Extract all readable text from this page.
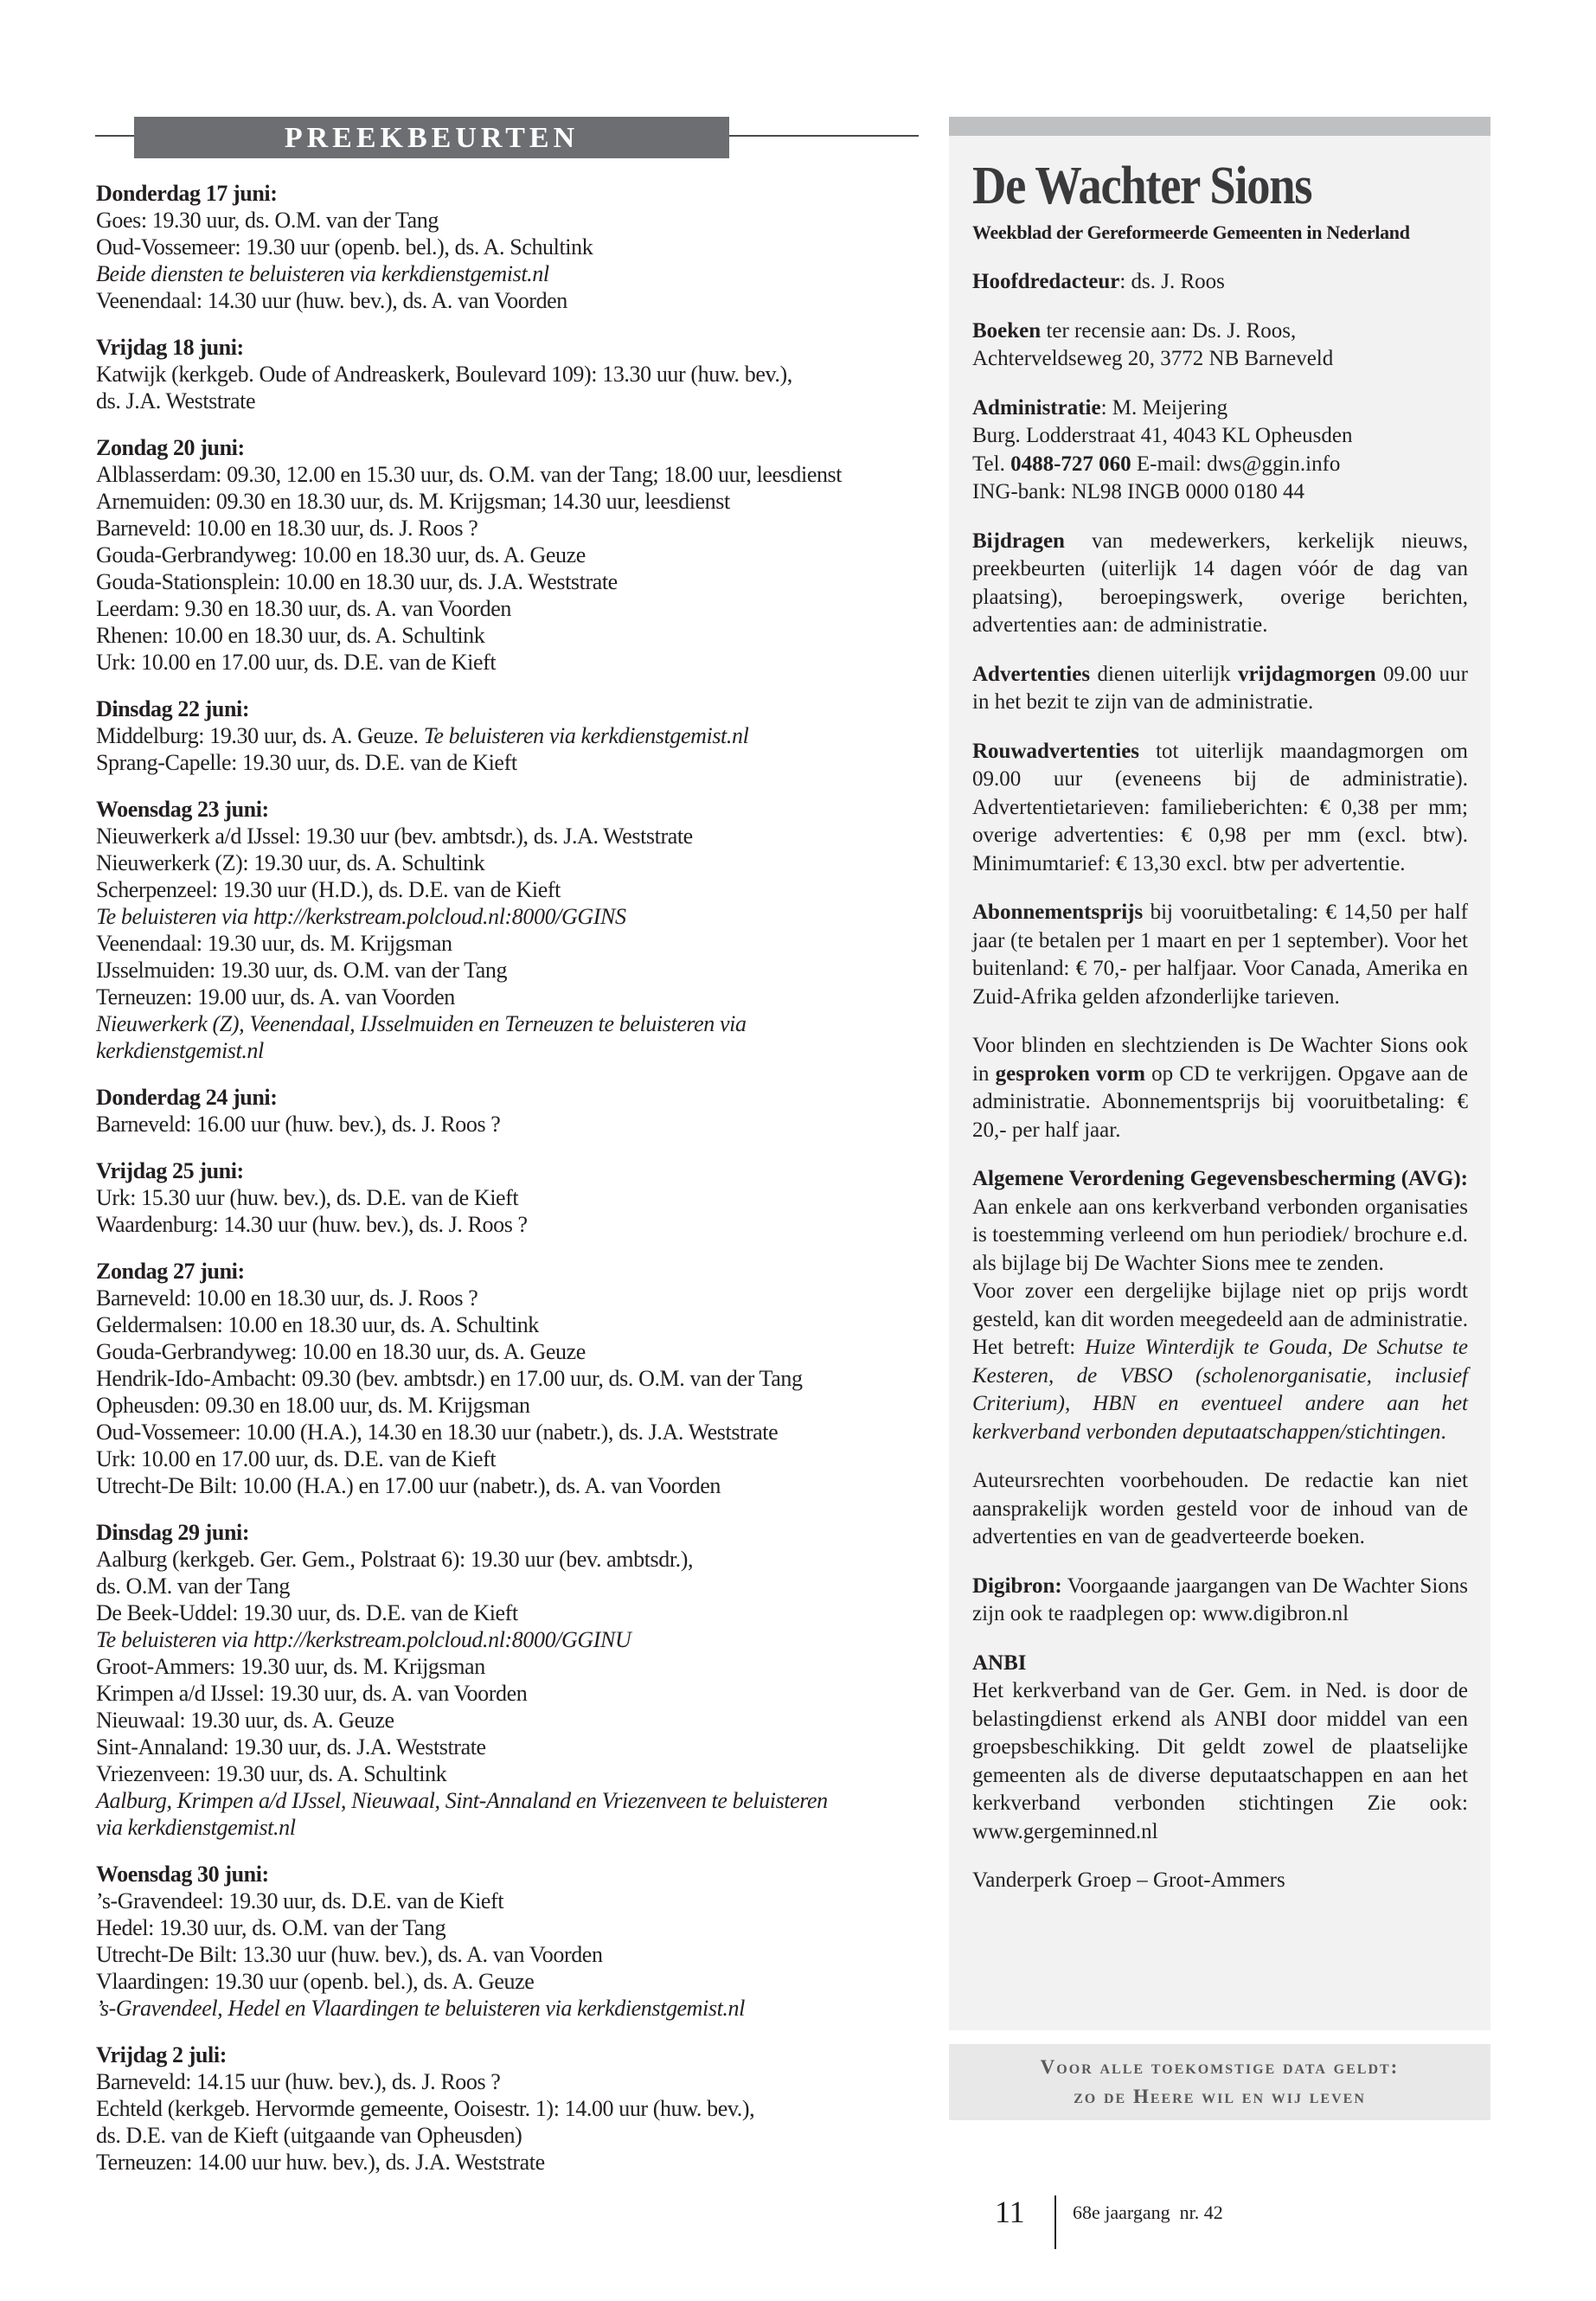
PREEKBEURTEN
Donderdag 17 juni:
Goes: 19.30 uur, ds. O.M. van der Tang
Oud-Vossemeer: 19.30 uur (openb. bel.), ds. A. Schultink
Beide diensten te beluisteren via kerkdienstgemist.nl
Veenendaal: 14.30 uur (huw. bev.), ds. A. van Voorden
Vrijdag 18 juni:
Katwijk (kerkgeb. Oude of Andreaskerk, Boulevard 109): 13.30 uur (huw. bev.),
ds. J.A. Weststrate
Zondag 20 juni:
Alblasserdam: 09.30, 12.00 en 15.30 uur, ds. O.M. van der Tang; 18.00 uur, leesdienst
Arnemuiden: 09.30 en 18.30 uur, ds. M. Krijgsman; 14.30 uur, leesdienst
Barneveld: 10.00 en 18.30 uur, ds. J. Roos ?
Gouda-Gerbrandyweg: 10.00 en 18.30 uur, ds. A. Geuze
Gouda-Stationsplein: 10.00 en 18.30 uur, ds. J.A. Weststrate
Leerdam: 9.30 en 18.30 uur, ds. A. van Voorden
Rhenen: 10.00 en 18.30 uur, ds. A. Schultink
Urk: 10.00 en 17.00 uur, ds. D.E. van de Kieft
Dinsdag 22 juni:
Middelburg: 19.30 uur, ds. A. Geuze. Te beluisteren via kerkdienstgemist.nl
Sprang-Capelle: 19.30 uur, ds. D.E. van de Kieft
Woensdag 23 juni:
Nieuwerkerk a/d IJssel: 19.30 uur (bev. ambtsdr.), ds. J.A. Weststrate
Nieuwerkerk (Z): 19.30 uur, ds. A. Schultink
Scherpenzeel: 19.30 uur (H.D.), ds. D.E. van de Kieft
Te beluisteren via http://kerkstream.polcloud.nl:8000/GGINS
Veenendaal: 19.30 uur, ds. M. Krijgsman
IJsselmuiden: 19.30 uur, ds. O.M. van der Tang
Terneuzen: 19.00 uur, ds. A. van Voorden
Nieuwerkerk (Z), Veenendaal, IJsselmuiden en Terneuzen te beluisteren via
kerkdienstgemist.nl
Donderdag 24 juni:
Barneveld: 16.00 uur (huw. bev.), ds. J. Roos ?
Vrijdag 25 juni:
Urk: 15.30 uur (huw. bev.), ds. D.E. van de Kieft
Waardenburg: 14.30 uur (huw. bev.), ds. J. Roos ?
Zondag 27 juni:
Barneveld: 10.00 en 18.30 uur, ds. J. Roos ?
Geldermalsen: 10.00 en 18.30 uur, ds. A. Schultink
Gouda-Gerbrandyweg: 10.00 en 18.30 uur, ds. A. Geuze
Hendrik-Ido-Ambacht: 09.30 (bev. ambtsdr.) en 17.00 uur, ds. O.M. van der Tang
Opheusden: 09.30 en 18.00 uur, ds. M. Krijgsman
Oud-Vossemeer: 10.00 (H.A.), 14.30 en 18.30 uur (nabetr.), ds. J.A. Weststrate
Urk: 10.00 en 17.00 uur, ds. D.E. van de Kieft
Utrecht-De Bilt: 10.00 (H.A.) en 17.00 uur (nabetr.), ds. A. van Voorden
Dinsdag 29 juni:
Aalburg (kerkgeb. Ger. Gem., Polstraat 6): 19.30 uur (bev. ambtsdr.),
ds. O.M. van der Tang
De Beek-Uddel: 19.30 uur, ds. D.E. van de Kieft
Te beluisteren via http://kerkstream.polcloud.nl:8000/GGINU
Groot-Ammers: 19.30 uur, ds. M. Krijgsman
Krimpen a/d IJssel: 19.30 uur, ds. A. van Voorden
Nieuwaal: 19.30 uur, ds. A. Geuze
Sint-Annaland: 19.30 uur, ds. J.A. Weststrate
Vriezenveen: 19.30 uur, ds. A. Schultink
Aalburg, Krimpen a/d IJssel, Nieuwaal, Sint-Annaland en Vriezenveen te beluisteren
via kerkdienstgemist.nl
Woensdag 30 juni:
’s-Gravendeel: 19.30 uur, ds. D.E. van de Kieft
Hedel: 19.30 uur, ds. O.M. van der Tang
Utrecht-De Bilt: 13.30 uur (huw. bev.), ds. A. van Voorden
Vlaardingen: 19.30 uur (openb. bel.), ds. A. Geuze
’s-Gravendeel, Hedel en Vlaardingen te beluisteren via kerkdienstgemist.nl
Vrijdag 2 juli:
Barneveld: 14.15 uur (huw. bev.), ds. J. Roos ?
Echteld (kerkgeb. Hervormde gemeente, Ooisestr. 1): 14.00 uur (huw. bev.),
ds. D.E. van de Kieft (uitgaande van Opheusden)
Terneuzen: 14.00 uur huw. bev.), ds. J.A. Weststrate
De Wachter Sions
Weekblad der Gereformeerde Gemeenten in Nederland
Hoofdredacteur: ds. J. Roos
Boeken ter recensie aan: Ds. J. Roos,
Achterveldseweg 20, 3772 NB Barneveld
Administratie: M. Meijering
Burg. Lodderstraat 41, 4043 KL Opheusden
Tel. 0488-727 060 E-mail: dws@ggin.info
ING-bank: NL98 INGB 0000 0180 44
Bijdragen van medewerkers, kerkelijk nieuws, preekbeurten (uiterlijk 14 dagen vóór de dag van plaatsing), beroepingswerk, overige berichten, advertenties aan: de administratie.
Advertenties dienen uiterlijk vrijdagmorgen 09.00 uur in het bezit te zijn van de administratie.
Rouwadvertenties tot uiterlijk maandagmorgen om 09.00 uur (eveneens bij de administratie). Advertentietarieven: familieberichten: € 0,38 per mm; overige advertenties: € 0,98 per mm (excl. btw). Minimumtarief: € 13,30 excl. btw per advertentie.
Abonnementsprijs bij vooruitbetaling: € 14,50 per half jaar (te betalen per 1 maart en per 1 september). Voor het buitenland: € 70,- per halfjaar. Voor Canada, Amerika en Zuid-Afrika gelden afzonderlijke tarieven.
Voor blinden en slechtzienden is De Wachter Sions ook in gesproken vorm op CD te verkrijgen. Opgave aan de administratie. Abonnementsprijs bij vooruitbetaling: € 20,- per half jaar.
Algemene Verordening Gegevensbescherming (AVG): Aan enkele aan ons kerkverband verbonden organisaties is toestemming verleend om hun periodiek/ brochure e.d. als bijlage bij De Wachter Sions mee te zenden.
Voor zover een dergelijke bijlage niet op prijs wordt gesteld, kan dit worden meegedeeld aan de administratie. Het betreft: Huize Winterdijk te Gouda, De Schutse te Kesteren, de VBSO (scholenorganisatie, inclusief Criterium), HBN en eventueel andere aan het kerkverband verbonden deputaatschappen/stichtingen.
Auteursrechten voorbehouden. De redactie kan niet aansprakelijk worden gesteld voor de inhoud van de advertenties en van de geadverteerde boeken.
Digibron: Voorgaande jaargangen van De Wachter Sions zijn ook te raadplegen op: www.digibron.nl
ANBI
Het kerkverband van de Ger. Gem. in Ned. is door de belastingdienst erkend als ANBI door middel van een groepsbeschikking. Dit geldt zowel de plaatselijke gemeenten als de diverse deputaatschappen en aan het kerkverband verbonden stichtingen Zie ook: www.gergeminned.nl
Vanderperk Groep – Groot-Ammers
Voor alle toekomstige data geldt:
zo de Heere wil en wij leven
11	68e jaargang  nr. 42
